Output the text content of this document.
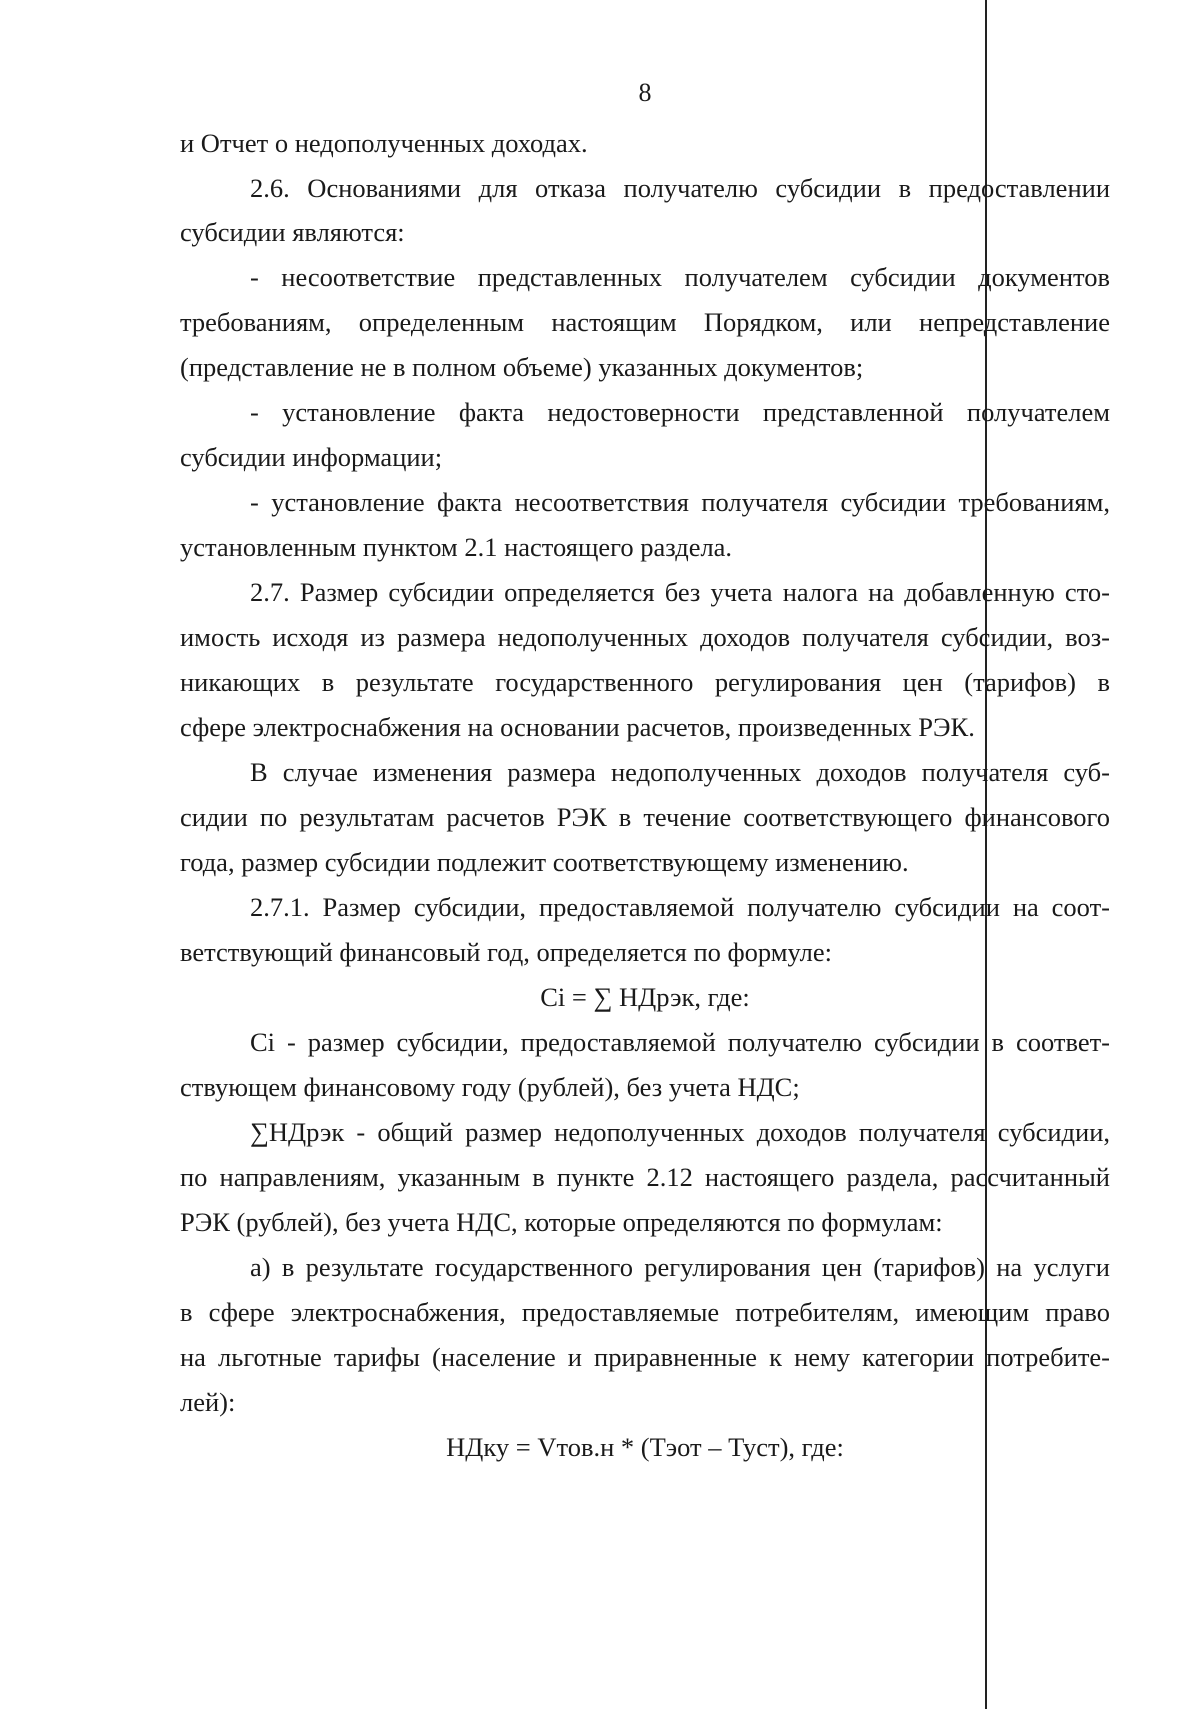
8
и Отчет о недополученных доходах.
2.6. Основаниями для отказа получателю субсидии в предоставлении
субсидии являются:
- несоответствие представленных получателем субсидии документов
требованиям, определенным настоящим Порядком, или непредставление
(представление не в полном объеме) указанных документов;
- установление факта недостоверности представленной получателем
субсидии информации;
- установление факта несоответствия получателя субсидии требованиям,
установленным пунктом 2.1 настоящего раздела.
2.7. Размер субсидии определяется без учета налога на добавленную сто-
имость исходя из размера недополученных доходов получателя субсидии, воз-
никающих в результате государственного регулирования цен (тарифов) в
сфере электроснабжения на основании расчетов, произведенных РЭК.
В случае изменения размера недополученных доходов получателя суб-
сидии по результатам расчетов РЭК в течение соответствующего финансового
года, размер субсидии подлежит соответствующему изменению.
2.7.1. Размер субсидии, предоставляемой получателю субсидии на соот-
ветствующий финансовый год, определяется по формуле:
Ci = ∑ НДрэк, где:
Ci - размер субсидии, предоставляемой получателю субсидии в соответ-
ствующем финансовому году (рублей), без учета НДС;
∑НДрэк - общий размер недополученных доходов получателя субсидии,
по направлениям, указанным в пункте 2.12 настоящего раздела, рассчитанный
РЭК (рублей), без учета НДС, которые определяются по формулам:
а) в результате государственного регулирования цен (тарифов) на услуги
в сфере электроснабжения, предоставляемые потребителям, имеющим право
на льготные тарифы (население и приравненные к нему категории потребите-
лей):
НДку = Vтов.н * (Тэот – Туст), где:
